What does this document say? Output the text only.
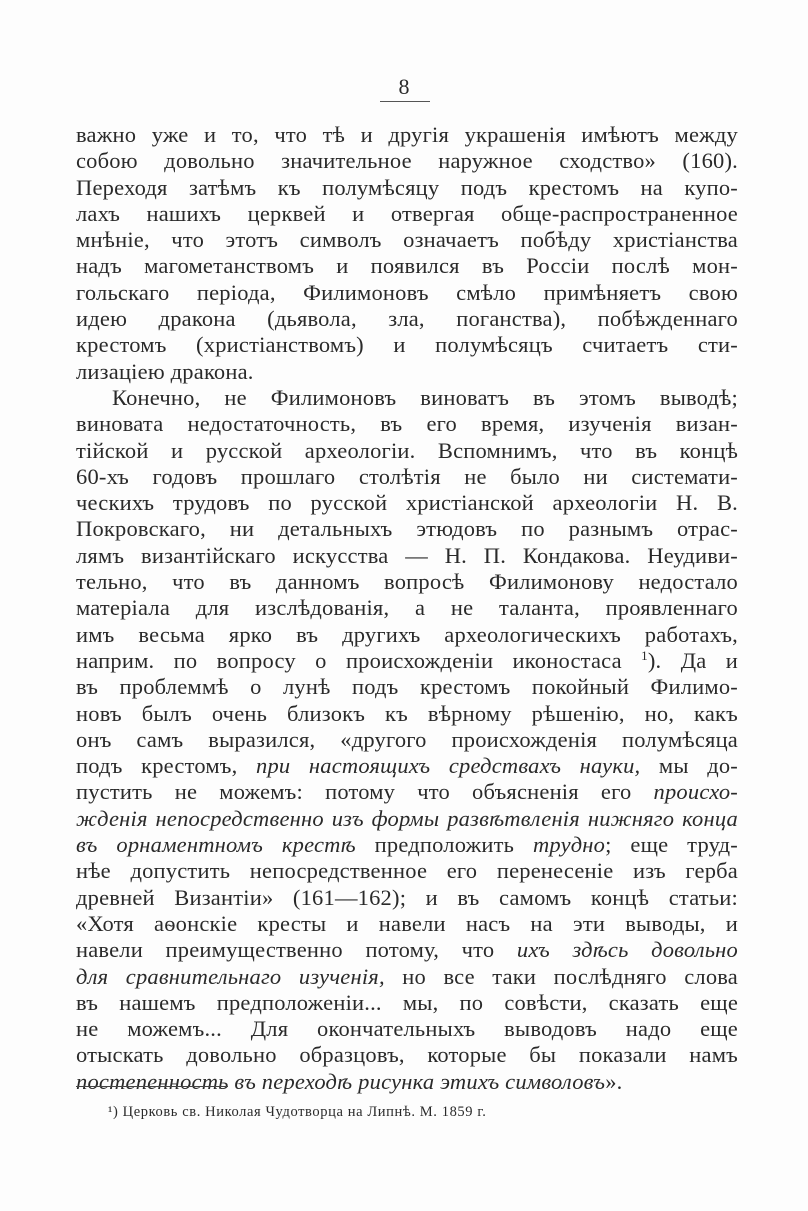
8
важно уже и то, что тѣ и другія украшенія имѣютъ между
собою довольно значительное наружное сходство» (160).
Переходя затѣмъ къ полумѣсяцу подъ крестомъ на купо-
лахъ нашихъ церквей и отвергая обще-распространенное
мнѣніе, что этотъ символъ означаетъ побѣду христіанства
надъ магометанствомъ и появился въ Россіи послѣ мон-
гольскаго періода, Филимоновъ смѣло примѣняетъ свою
идею дракона (дьявола, зла, поганства), побѣжденнаго
крестомъ (христіанствомъ) и полумѣсяцъ считаетъ сти-
лизаціею дракона.
Конечно, не Филимоновъ виноватъ въ этомъ выводѣ;
виновата недостаточность, въ его время, изученія визан-
тійской и русской археологіи. Вспомнимъ, что въ концѣ
60-хъ годовъ прошлаго столѣтія не было ни системати-
ческихъ трудовъ по русской христіанской археологіи Н. В.
Покровскаго, ни детальныхъ этюдовъ по разнымъ отрас-
лямъ византійскаго искусства — Н. П. Кондакова. Неудиви-
тельно, что въ данномъ вопросѣ Филимонову недостало
матеріала для изслѣдованія, а не таланта, проявленнаго
имъ весьма ярко въ другихъ археологическихъ работахъ,
наприм. по вопросу о происхожденіи иконостаса $^1$). Да и
въ проблеммѣ о лунѣ подъ крестомъ покойный Филимо-
новъ былъ очень близокъ къ вѣрному рѣшенію, но, какъ
онъ самъ выразился, «другого происхожденія полумѣсяца
подъ крестомъ, при настоящихъ средствахъ науки, мы до-
пустить не можемъ: потому что объясненія его происхо-
жденія непосредственно изъ формы развѣтвленія нижняго конца
въ орнаментномъ крестѣ предположить трудно; еще труд-
нѣе допустить непосредственное его перенесеніе изъ герба
древней Византіи» (161—162); и въ самомъ концѣ статьи:
«Хотя аѳонскіе кресты и навели насъ на эти выводы, и
навели преимущественно потому, что ихъ здѣсь довольно
для сравнительнаго изученія, но все таки послѣдняго слова
въ нашемъ предположеніи... мы, по совѣсти, сказать еще
не можемъ... Для окончательныхъ выводовъ надо еще
отыскать довольно образцовъ, которые бы показали намъ
постепенность въ переходѣ рисунка этихъ символовъ».
¹) Церковь св. Николая Чудотворца на Липнѣ. М. 1859 г.
